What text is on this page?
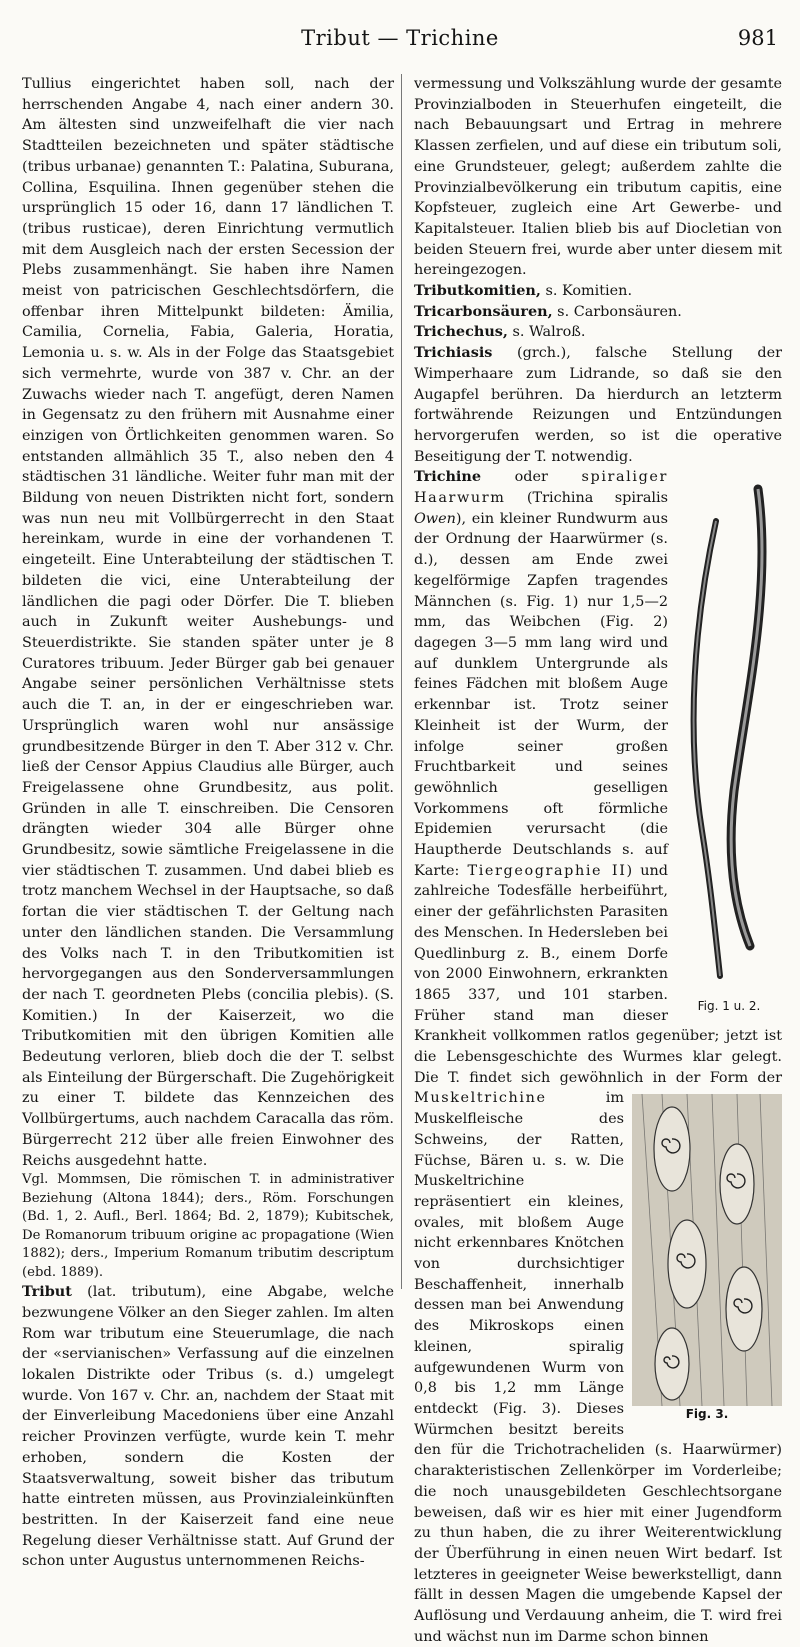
Tribut — Trichine	981

Tullius eingerichtet haben soll, nach der herrschenden Angabe 4, nach einer andern 30. Am ältesten sind unzweifelhaft die vier nach Stadtteilen bezeichneten und später städtische (tribus urbanae) genannten T.: Palatina, Suburana, Collina, Esquilina. Ihnen gegenüber stehen die ursprünglich 15 oder 16, dann 17 ländlichen T. (tribus rusticae), deren Einrichtung vermutlich mit dem Ausgleich nach der ersten Secession der Plebs zusammenhängt. Sie haben ihre Namen meist von patricischen Geschlechtsdörfern, die offenbar ihren Mittelpunkt bildeten: Ämilia, Camilia, Cornelia, Fabia, Galeria, Horatia, Lemonia u. s. w. Als in der Folge das Staatsgebiet sich vermehrte, wurde von 387 v. Chr. an der Zuwachs wieder nach T. angefügt, deren Namen in Gegensatz zu den frühern mit Ausnahme einer einzigen von Örtlichkeiten genommen waren. So entstanden allmählich 35 T., also neben den 4 städtischen 31 ländliche. Weiter fuhr man mit der Bildung von neuen Distrikten nicht fort, sondern was nun neu mit Vollbürgerrecht in den Staat hereinkam, wurde in eine der vorhandenen T. eingeteilt. Eine Unterabteilung der städtischen T. bildeten die vici, eine Unterabteilung der ländlichen die pagi oder Dörfer. Die T. blieben auch in Zukunft weiter Aushebungs- und Steuerdistrikte. Sie standen später unter je 8 Curatores tribuum. Jeder Bürger gab bei genauer Angabe seiner persönlichen Verhältnisse stets auch die T. an, in der er eingeschrieben war. Ursprünglich waren wohl nur ansässige grundbesitzende Bürger in den T. Aber 312 v. Chr. ließ der Censor Appius Claudius alle Bürger, auch Freigelassene ohne Grundbesitz, aus polit. Gründen in alle T. einschreiben. Die Censoren drängten wieder 304 alle Bürger ohne Grundbesitz, sowie sämtliche Freigelassene in die vier städtischen T. zusammen. Und dabei blieb es trotz manchem Wechsel in der Hauptsache, so daß fortan die vier städtischen T. der Geltung nach unter den ländlichen standen. Die Versammlung des Volks nach T. in den Tributkomitien ist hervorgegangen aus den Sonderversammlungen der nach T. geordneten Plebs (concilia plebis). (S. Komitien.) In der Kaiserzeit, wo die Tributkomitien mit den übrigen Komitien alle Bedeutung verloren, blieb doch die der T. selbst als Einteilung der Bürgerschaft. Die Zugehörigkeit zu einer T. bildete das Kennzeichen des Vollbürgertums, auch nachdem Caracalla das röm. Bürgerrecht 212 über alle freien Einwohner des Reichs ausgedehnt hatte.

Vgl. Mommsen, Die römischen T. in administrativer Beziehung (Altona 1844); ders., Röm. Forschungen (Bd. 1, 2. Aufl., Berl. 1864; Bd. 2, 1879); Kubitschek, De Romanorum tribuum origine ac propagatione (Wien 1882); ders., Imperium Romanum tributim descriptum (ebd. 1889).

Tribut (lat. tributum), eine Abgabe, welche bezwungene Völker an den Sieger zahlen. Im alten Rom war tributum eine Steuerumlage, die nach der «servianischen» Verfassung auf die einzelnen lokalen Distrikte oder Tribus (s. d.) umgelegt wurde. Von 167 v. Chr. an, nachdem der Staat mit der Einverleibung Macedoniens über eine Anzahl reicher Provinzen verfügte, wurde kein T. mehr erhoben, sondern die Kosten der Staatsverwaltung, soweit bisher das tributum hatte eintreten müssen, aus Provinzialeinkünften bestritten. In der Kaiserzeit fand eine neue Regelung dieser Verhältnisse statt. Auf Grund der schon unter Augustus unternommenen Reichs-

vermessung und Volkszählung wurde der gesamte Provinzialboden in Steuerhufen eingeteilt, die nach Bebauungsart und Ertrag in mehrere Klassen zerfielen, und auf diese ein tributum soli, eine Grundsteuer, gelegt; außerdem zahlte die Provinzialbevölkerung ein tributum capitis, eine Kopfsteuer, zugleich eine Art Gewerbe- und Kapitalsteuer. Italien blieb bis auf Diocletian von beiden Steuern frei, wurde aber unter diesem mit hereingezogen.

Tributkomitien, s. Komitien.

Tricarbonsäuren, s. Carbonsäuren.

Trichechus, s. Walroß.

Trichiasis (grch.), falsche Stellung der Wimperhaare zum Lidrande, so daß sie den Augapfel berühren. Da hierdurch an letzterm fortwährende Reizungen und Entzündungen hervorgerufen werden, so ist die operative Beseitigung der T. notwendig.

Fig. 1 u. 2.
Trichine oder spiraliger Haarwurm (Trichina spiralis Owen), ein kleiner Rundwurm aus der Ordnung der Haarwürmer (s. d.), dessen am Ende zwei kegelförmige Zapfen tragendes Männchen (s. Fig. 1) nur 1,5—2 mm, das Weibchen (Fig. 2) dagegen 3—5 mm lang wird und auf dunklem Untergrunde als feines Fädchen mit bloßem Auge erkennbar ist. Trotz seiner Kleinheit ist der Wurm, der infolge seiner großen Fruchtbarkeit und seines gewöhnlich geselligen Vorkommens oft förmliche Epidemien verursacht (die Hauptherde Deutschlands s. auf Karte: Tiergeographie II) und zahlreiche Todesfälle herbeiführt, einer der gefährlichsten Parasiten des Menschen. In Hedersleben bei Quedlinburg z. B., einem Dorfe von 2000 Einwohnern, erkrankten 1865 337, und 101 starben. Früher stand man dieser Krankheit vollkommen ratlos gegenüber; jetzt ist die Lebensgeschichte des Wurmes klar gelegt. Die T. findet sich gewöhnlich in der Form der Muskeltrichine
Fig. 3.
im Muskelfleische des Schweins, der Ratten, Füchse, Bären u. s. w. Die Muskeltrichine repräsentiert ein kleines, ovales, mit bloßem Auge nicht erkennbares Knötchen von durchsichtiger Beschaffenheit, innerhalb dessen man bei Anwendung des Mikroskops einen kleinen, spiralig aufgewundenen Wurm von 0,8 bis 1,2 mm Länge entdeckt (Fig. 3). Dieses Würmchen besitzt bereits den für die Trichotracheliden (s. Haarwürmer) charakteristischen Zellenkörper im Vorderleibe; die noch unausgebildeten Geschlechtsorgane beweisen, daß wir es hier mit einer Jugendform zu thun haben, die zu ihrer Weiterentwicklung der Überführung in einen neuen Wirt bedarf. Ist letzteres in geeigneter Weise bewerkstelligt, dann fällt in dessen Magen die umgebende Kapsel der Auflösung und Verdauung anheim, die T. wird frei und wächst nun im Darme schon binnen
